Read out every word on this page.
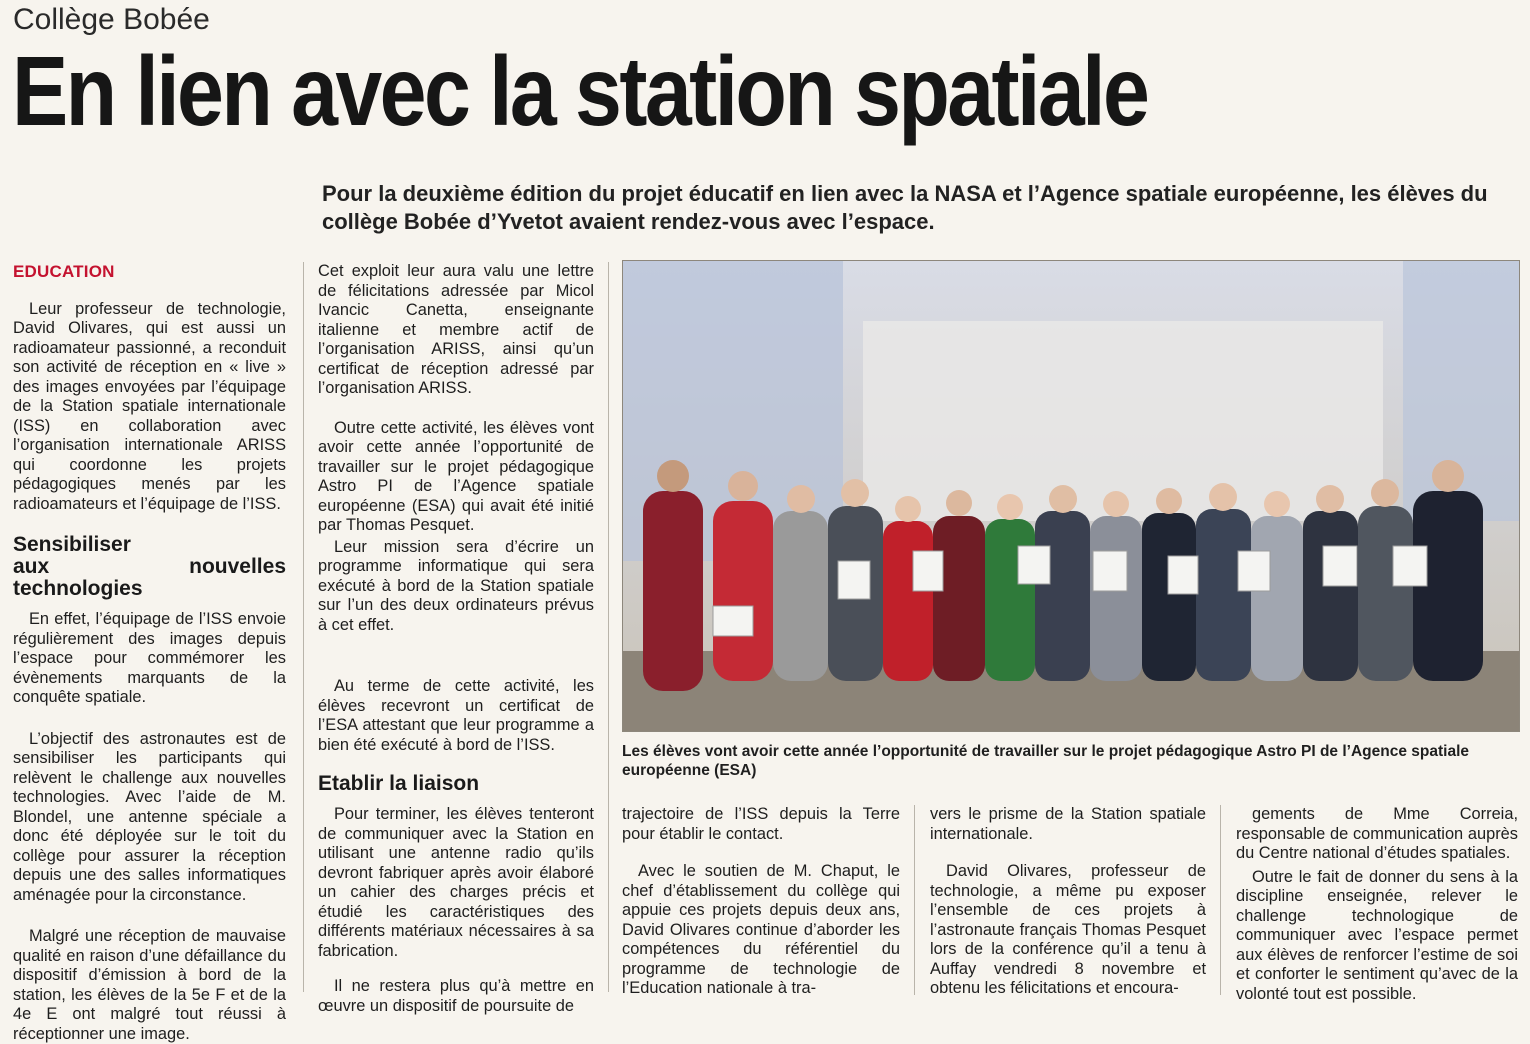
Collège Bobée
En lien avec la station spatiale

Pour la deuxième édition du projet éducatif en lien avec la NASA et l’Agence spatiale européenne, les élèves du collège Bobée d’Yvetot avaient rendez-vous avec l’espace.

EDUCATION

Leur professeur de technologie, David Olivares, qui est aussi un radioamateur passionné, a reconduit son activité de réception en « live » des images envoyées par l’équipage de la Station spatiale internationale (ISS) en collaboration avec l’organisation internationale ARISS qui coordonne les projets pédagogiques menés par les radioamateurs et l’équipage de l’ISS.

Sensibiliser
aux nouvelles technologies

En effet, l’équipage de l’ISS envoie régulièrement des images depuis l’espace pour commémorer les évènements marquants de la conquête spatiale.

L’objectif des astronautes est de sensibiliser les participants qui relèvent le challenge aux nouvelles technologies. Avec l’aide de M. Blondel, une antenne spéciale a donc été déployée sur le toit du collège pour assurer la réception depuis une des salles informatiques aménagée pour la circonstance.

Malgré une réception de mauvaise qualité en raison d’une défaillance du dispositif d’émission à bord de la station, les élèves de la 5e F et de la 4e E ont malgré tout réussi à réceptionner une image.

Cet exploit leur aura valu une lettre de félicitations adressée par Micol Ivancic Canetta, enseignante italienne et membre actif de l’organisation ARISS, ainsi qu’un certificat de réception adressé par l’organisation ARISS.

Outre cette activité, les élèves vont avoir cette année l’opportunité de travailler sur le projet pédagogique Astro PI de l’Agence spatiale européenne (ESA) qui avait été initié par Thomas Pesquet.

Leur mission sera d’écrire un programme informatique qui sera exécuté à bord de la Station spatiale sur l’un des deux ordinateurs prévus à cet effet.

Au terme de cette activité, les élèves recevront un certificat de l’ESA attestant que leur programme a bien été exécuté à bord de l’ISS.

Etablir la liaison

Pour terminer, les élèves tenteront de communiquer avec la Station en utilisant une antenne radio qu’ils devront fabriquer après avoir élaboré un cahier des charges précis et étudié les caractéristiques des différents matériaux nécessaires à sa fabrication.

Il ne restera plus qu’à mettre en œuvre un dispositif de poursuite de

Les élèves vont avoir cette année l’opportunité de travailler sur le projet pédagogique Astro PI de l’Agence spatiale européenne (ESA)

trajectoire de l’ISS depuis la Terre pour établir le contact.

Avec le soutien de M. Chaput, le chef d’établissement du collège qui appuie ces projets depuis deux ans, David Olivares continue d’aborder les compétences du référentiel du programme de technologie de l’Education nationale à tra-

vers le prisme de la Station spatiale internationale.

David Olivares, professeur de technologie, a même pu exposer l’ensemble de ces projets à l’astronaute français Thomas Pesquet lors de la conférence qu’il a tenu à Auffay vendredi 8 novembre et obtenu les félicitations et encoura-

gements de Mme Correia, responsable de communication auprès du Centre national d’études spatiales.

Outre le fait de donner du sens à la discipline enseignée, relever le challenge technologique de communiquer avec l’espace permet aux élèves de renforcer l’estime de soi et conforter le sentiment qu’avec de la volonté tout est possible.
